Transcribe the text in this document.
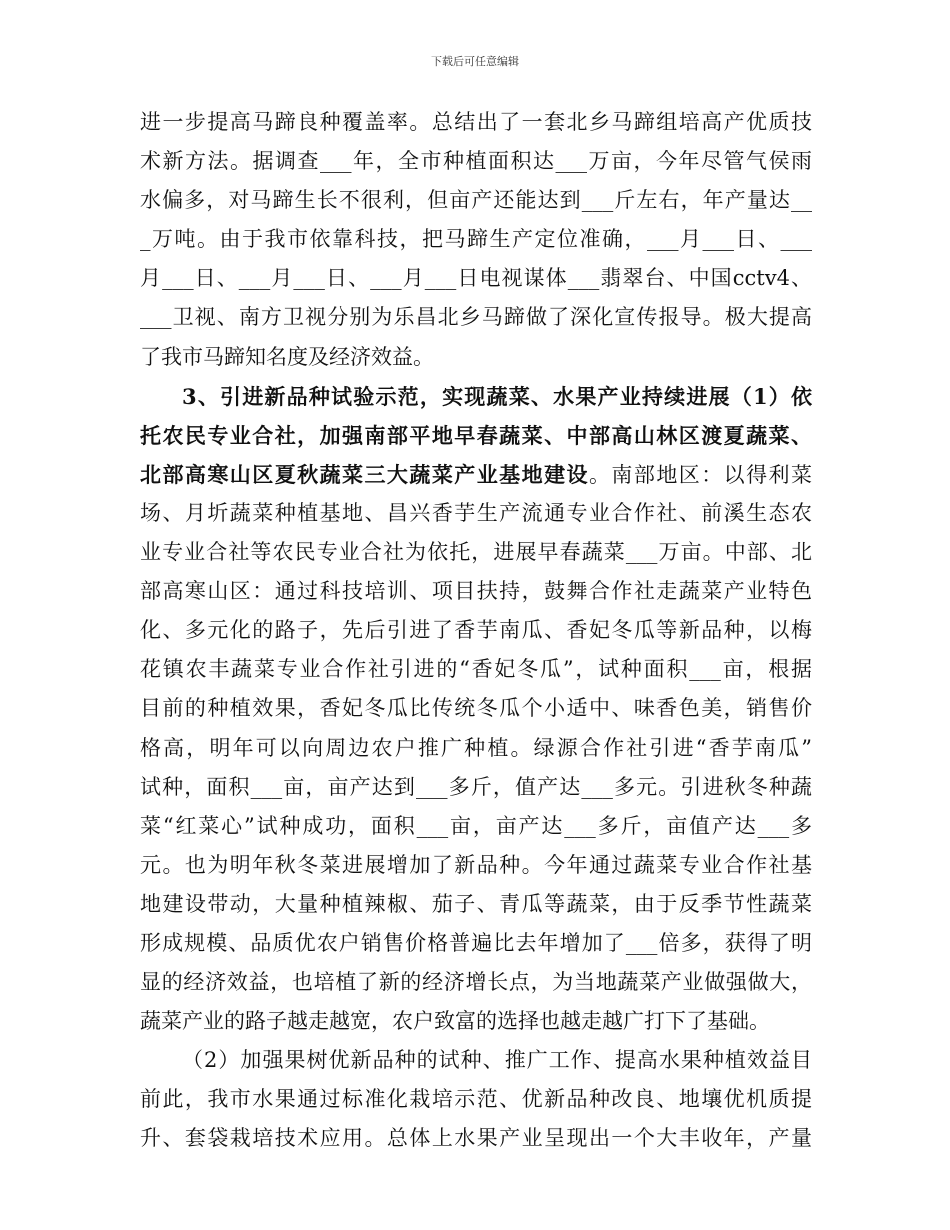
下载后可任意编辑
进一步提高马蹄良种覆盖率。总结出了一套北乡马蹄组培高产优质技
术新方法。据调查___年，全市种植面积达___万亩，今年尽管气侯雨
水偏多，对马蹄生长不很利，但亩产还能达到___斤左右，年产量达__
_万吨。由于我市依靠科技，把马蹄生产定位准确，___月___日、___
月___日、___月___日、___月___日电视谋体___翡翠台、中国cctv4、
___卫视、南方卫视分别为乐昌北乡马蹄做了深化宣传报导。极大提高
了我市马蹄知名度及经济效益。
3、引进新品种试验示范，实现蔬菜、水果产业持续进展（1）依
托农民专业合社，加强南部平地早春蔬菜、中部高山林区渡夏蔬菜、
北部高寒山区夏秋蔬菜三大蔬菜产业基地建设。南部地区：以得利菜
场、月圻蔬菜种植基地、昌兴香芋生产流通专业合作社、前溪生态农
业专业合社等农民专业合社为依托，进展早春蔬菜___万亩。中部、北
部高寒山区：通过科技培训、项目扶持，鼓舞合作社走蔬菜产业特色
化、多元化的路子，先后引进了香芋南瓜、香妃冬瓜等新品种，以梅
花镇农丰蔬菜专业合作社引进的“香妃冬瓜”，试种面积___亩，根据
目前的种植效果，香妃冬瓜比传统冬瓜个小适中、味香色美，销售价
格高，明年可以向周边农户推广种植。绿源合作社引进“香芋南瓜”
试种，面积___亩，亩产达到___多斤，值产达___多元。引进秋冬种蔬
菜“红菜心”试种成功，面积___亩，亩产达___多斤，亩值产达___多
元。也为明年秋冬菜进展增加了新品种。今年通过蔬菜专业合作社基
地建设带动，大量种植辣椒、茄子、青瓜等蔬菜，由于反季节性蔬菜
形成规模、品质优农户销售价格普遍比去年增加了___倍多，获得了明
显的经济效益，也培植了新的经济增长点，为当地蔬菜产业做强做大，
蔬菜产业的路子越走越宽，农户致富的选择也越走越广打下了基础。
（2）加强果树优新品种的试种、推广工作、提高水果种植效益目
前此，我市水果通过标准化栽培示范、优新品种改良、地壤优机质提
升、套袋栽培技术应用。总体上水果产业呈现出一个大丰收年，产量
